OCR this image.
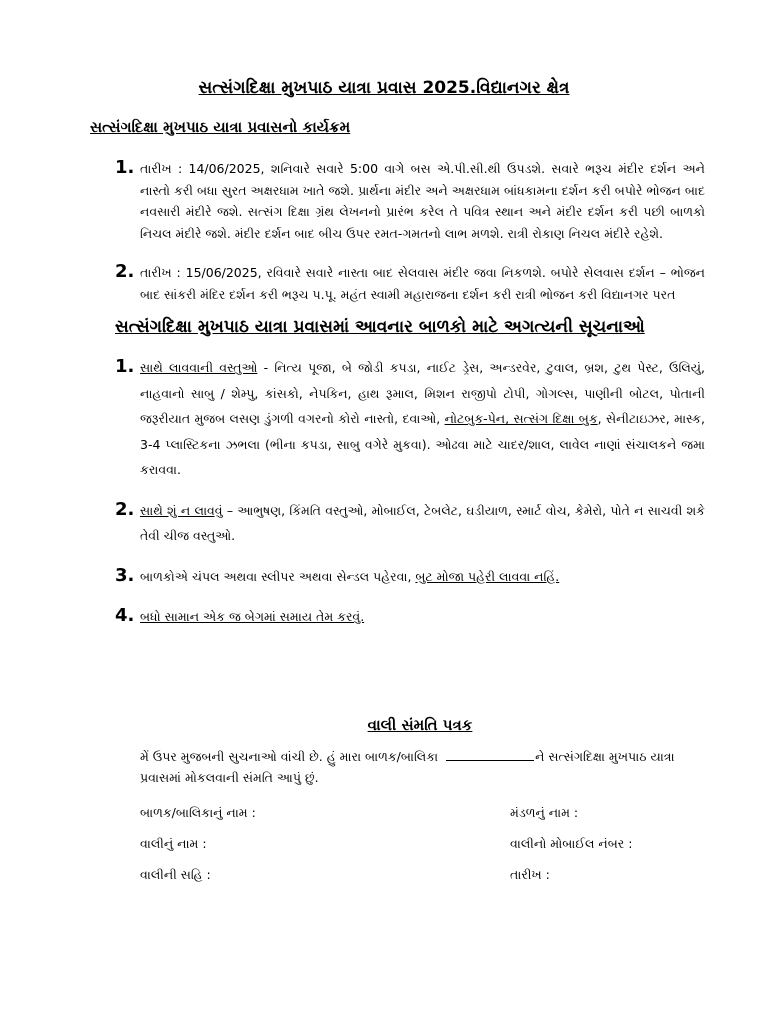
સત્સંગદિક્ષા મુખપાઠ યાત્રા પ્રવાસ 2025.વિદ્યાનગર ક્ષેત્ર
સત્સંગદિક્ષા મુખપાઠ યાત્રા પ્રવાસનો કાર્યક્રમ
1. તારીખ : 14/06/2025, શનિવારે સવારે 5:00 વાગે બસ એ.પી.સી.થી ઉપડશે. સવારે ભરૂચ મંદીર દર્શન અને નાસ્તો કરી બધા સુરત અક્ષરધામ ખાતે જશે. પ્રાર્થના મંદીર અને અક્ષરધામ બાંધકામના દર્શન કરી બપોરે ભોજન બાદ નવસારી મંદીરે જશે. સત્સંગ દિક્ષા ગ્રંથ લેખનનો પ્રારંભ કરેલ તે પવિત્ર સ્થાન અને મંદીર દર્શન કરી પછી બાળકો નિચલ મંદીરે જશે. મંદીર દર્શન બાદ બીચ ઉપર રમત-ગમતનો લાભ મળશે. રાત્રી રોકાણ નિચલ મંદીરે રહેશે.
2. તારીખ : 15/06/2025, રવિવારે સવારે નાસ્તા બાદ સેલવાસ મંદીર જવા નિકળશે. બપોરે સેલવાસ દર્શન – ભોજન બાદ સાંકરી મંદિર દર્શન કરી ભરૂચ પ.પૂ. મહંત સ્વામી મહારાજના દર્શન કરી રાત્રી ભોજન કરી વિદ્યાનગર પરત
સત્સંગદિક્ષા મુખપાઠ યાત્રા પ્રવાસમાં આવનાર બાળકો માટે અગત્યની સૂચનાઓ
1. સાથે લાવવાની વસ્તુઓ - નિત્ય પૂજા, બે જોડી કપડા, નાઈટ ડ્રેસ, અન્ડરવેર, ટુવાલ, બ્રશ, ટુથ પેસ્ટ, ઉલિયું, નાહવાનો સાબુ / શેમ્પુ, કાંસકો, નેપકિન, હાથ રૂમાલ, મિશન રાજીપો ટોપી, ગોગલ્સ, પાણીની બોટલ, પોતાની જરૂરીયાત મુજબ લસણ ડુંગળી વગરનો કોરો નાસ્તો, દવાઓ, નોટબુક-પેન, સત્સંગ દિક્ષા બુક, સેનીટાઇઝર, માસ્ક, 3-4 પ્લાસ્ટિકના ઝભલા (ભીના કપડા, સાબુ વગેરે મુકવા). ઓઢવા માટે ચાદર/શાલ, લાવેલ નાણાં સંચાલકને જમા કરાવવા.
2. સાથે શું ન લાવવું – આભુષણ, કિંમતિ વસ્તુઓ, મોબાઈલ, ટેબલેટ, ઘડીયાળ, સ્માર્ટ વોચ, કેમેરો, પોતે ન સાચવી શકે તેવી ચીજ વસ્તુઓ.
3. બાળકોએ ચંપલ અથવા સ્લીપર અથવા સેન્ડલ પહેરવા, બુટ મોજા પહેરી લાવવા નહિં.
4. બધો સામાન એક જ બેગમાં સમાય તેમ કરવું.
વાલી સંમતિ પત્રક

મેં ઉપર મુજબની સુચનાઓ વાંચી છે. હું મારા બાળક/બાલિકા	ને સત્સંગદિક્ષા મુખપાઠ યાત્રા પ્રવાસમાં મોકલવાની સંમતિ આપું છું.

બાળક/બાલિકાનું નામ :	મંડળનું નામ :
વાલીનું નામ :	વાલીનો મોબાઈલ નંબર :
વાલીની સહિ :	તારીખ :
